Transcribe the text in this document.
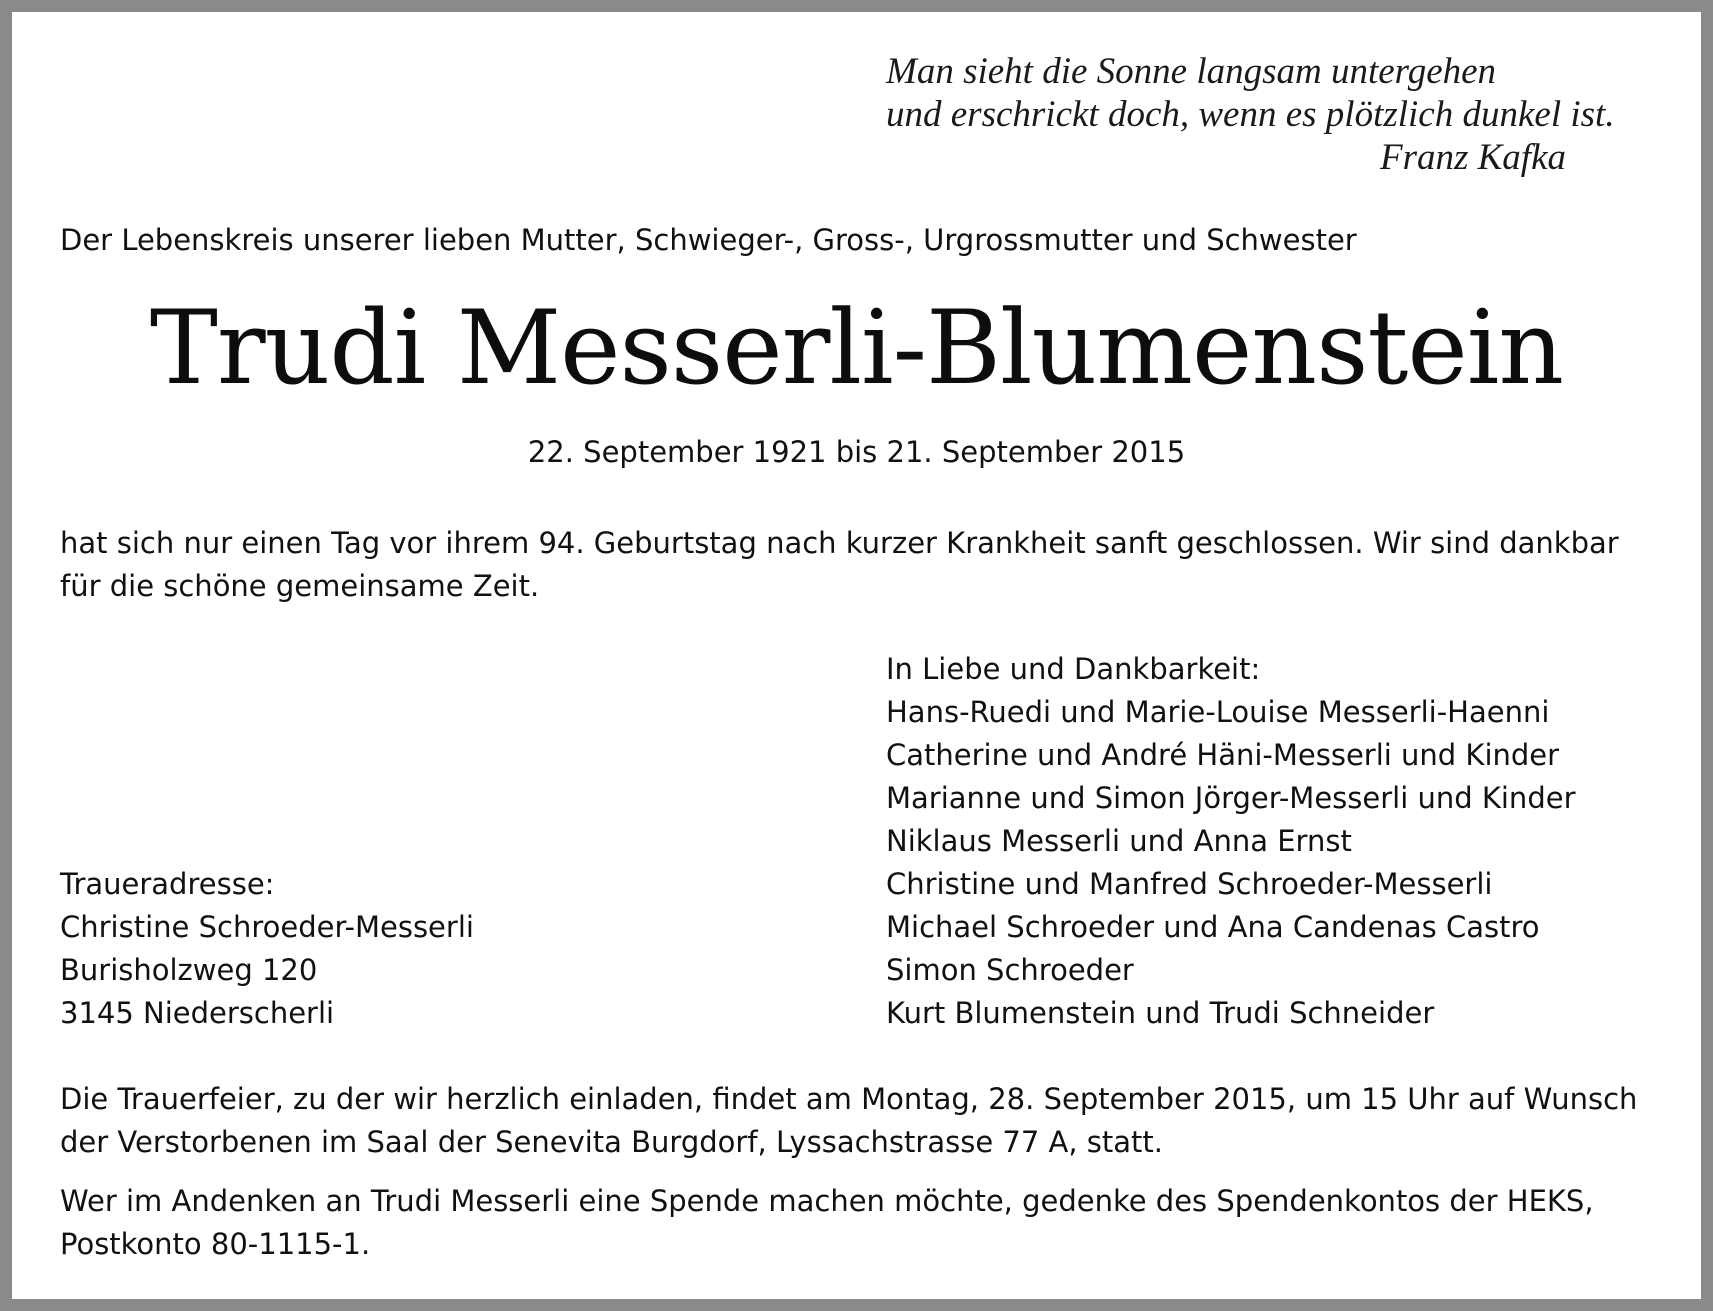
Man sieht die Sonne langsam untergehen
und erschrickt doch, wenn es plötzlich dunkel ist.
Franz Kafka
Der Lebenskreis unserer lieben Mutter, Schwieger-, Gross-, Urgrossmutter und Schwester
Trudi Messerli-Blumenstein
22. September 1921 bis 21. September 2015
hat sich nur einen Tag vor ihrem 94. Geburtstag nach kurzer Krankheit sanft geschlossen. Wir sind dankbar für die schöne gemeinsame Zeit.
In Liebe und Dankbarkeit:
Hans-Ruedi und Marie-Louise Messerli-Haenni
Catherine und André Häni-Messerli und Kinder
Marianne und Simon Jörger-Messerli und Kinder
Niklaus Messerli und Anna Ernst
Christine und Manfred Schroeder-Messerli
Michael Schroeder und Ana Candenas Castro
Simon Schroeder
Kurt Blumenstein und Trudi Schneider
Traueradresse:
Christine Schroeder-Messerli
Burisholzweg 120
3145 Niederscherli
Die Trauerfeier, zu der wir herzlich einladen, findet am Montag, 28. September 2015, um 15 Uhr auf Wunsch der Verstorbenen im Saal der Senevita Burgdorf, Lyssachstrasse 77 A, statt.
Wer im Andenken an Trudi Messerli eine Spende machen möchte, gedenke des Spendenkontos der HEKS, Postkonto 80-1115-1.
